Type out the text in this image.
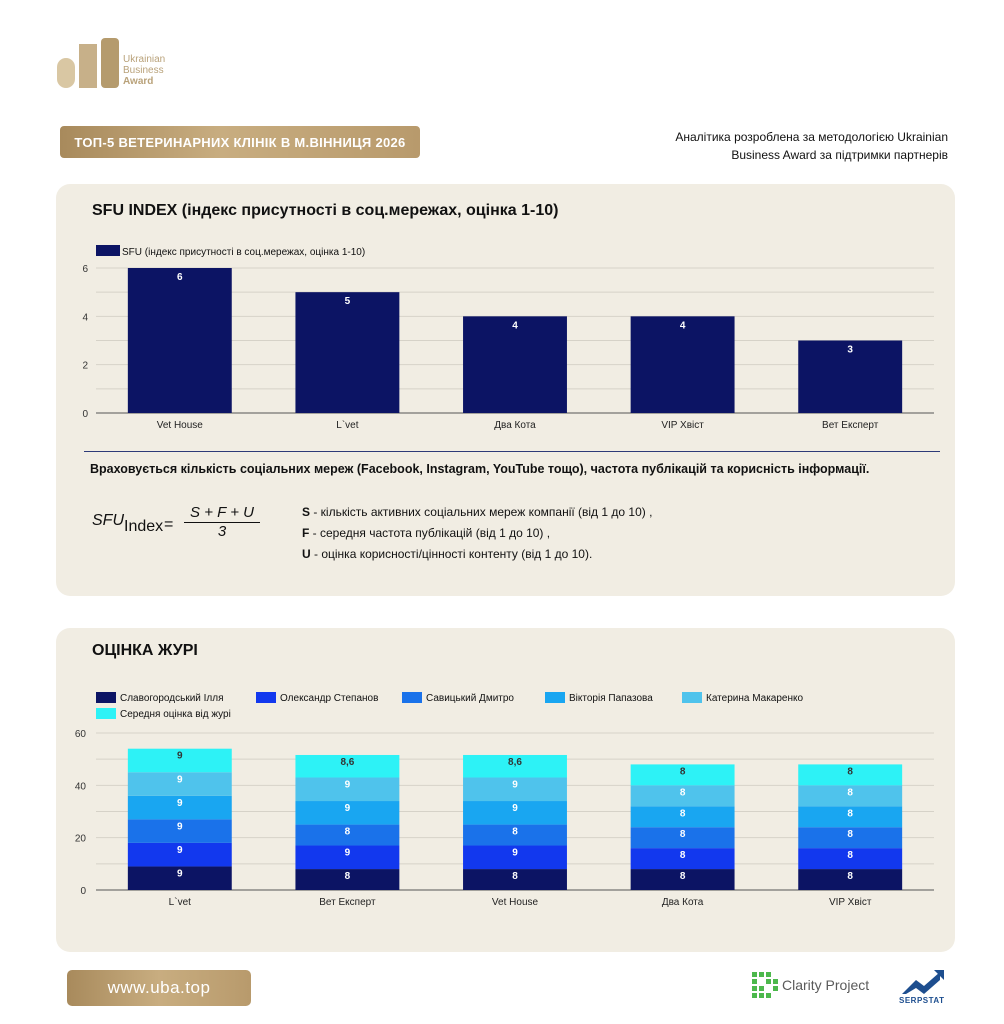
Ukrainian
Business

Award
ТОП-5 ВЕТЕРИНАРНИХ КЛІНІК В М.ВІННИЦЯ 2026	Аналітика розроблена за методологією Ukrainian
Business Award за підтримки партнерів
SFU INDEX (індекс присутності в соц.мережах, оцінка 1-10)
0
2
4
6
SFU (індекс присутності в соц.мережах, оцінка 1-10)
6
Vet House
5
L`vet
4
Два Кота
4
VIP Хвіст
3
Вет Експерт
Враховується кількість соціальних мереж (Facebook, Instagram, YouTube тощо), частота публікацій та корисність інформації.
$SFU_{Index}$ =
S + F + U
3
S - кількість активних соціальних мереж компанії (від 1 до 10) ,
F - середня частота публікацій (від 1 до 10) ,
U - оцінка корисності/цінності контенту (від 1 до 10).
ОЦІНКА ЖУРІ
0
20
40
60
Славогородський Ілля	Олександр Степанов	Савицький Дмитро	Вікторія Папазова	Катерина Макаренко
Середня оцінка від журі
9
9
9
9
9
9
L`vet
8
9
8
9
9
8,6
Вет Експерт
8
9
8
9
9
8,6
Vet House
8
8
8
8
8
8
Два Кота
8
8
8
8
8
8
VIP Хвіст
www.uba.top	Clarity Project
SERPSTAT
